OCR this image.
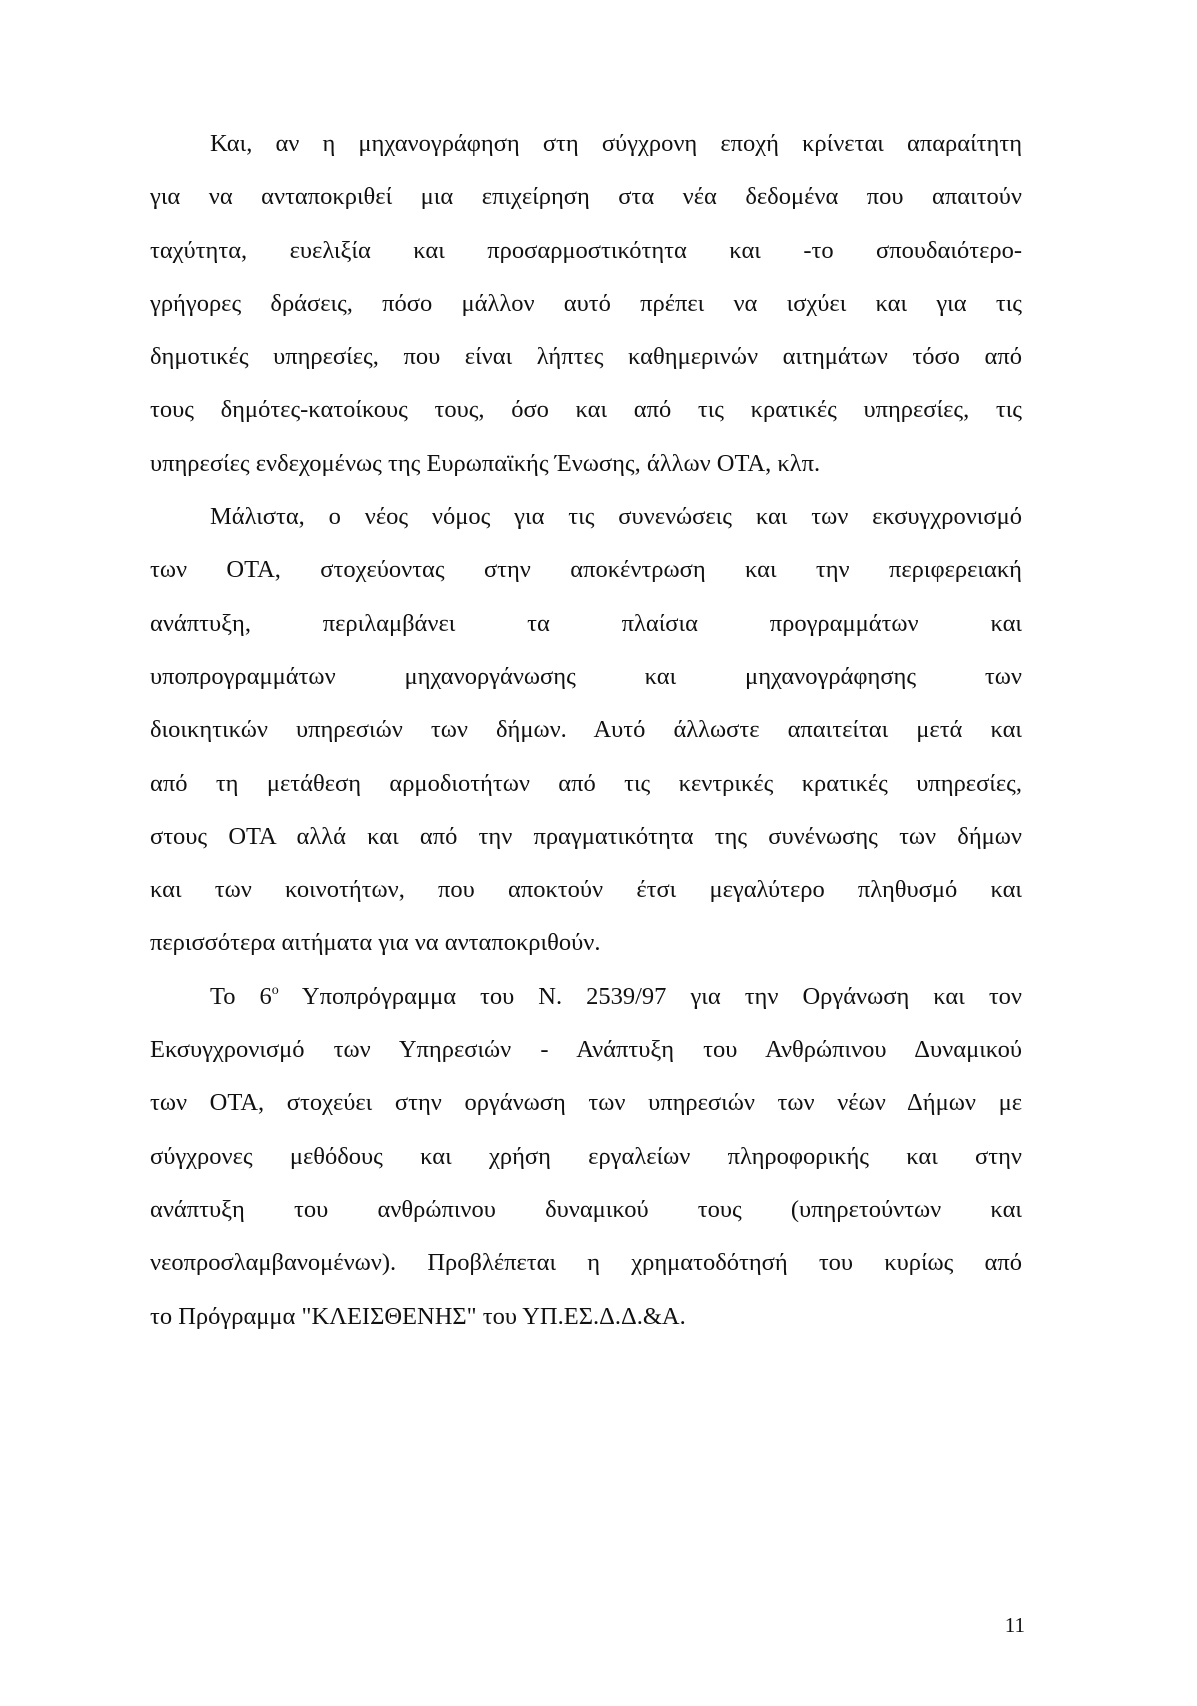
Και, αν η μηχανογράφηση στη σύγχρονη εποχή κρίνεται απαραίτητη
για να ανταποκριθεί μια επιχείρηση στα νέα δεδομένα που απαιτούν
ταχύτητα, ευελιξία και προσαρμοστικότητα και -το σπουδαιότερο-
γρήγορες δράσεις, πόσο μάλλον αυτό πρέπει να ισχύει και για τις
δημοτικές υπηρεσίες, που είναι λήπτες καθημερινών αιτημάτων τόσο από
τους δημότες-κατοίκους τους, όσο και από τις κρατικές υπηρεσίες, τις
υπηρεσίες ενδεχομένως της Ευρωπαϊκής Ένωσης, άλλων ΟΤΑ, κλπ.
Μάλιστα, ο νέος νόμος για τις συνενώσεις και των εκσυγχρονισμό
των ΟΤΑ, στοχεύοντας στην αποκέντρωση και την περιφερειακή
ανάπτυξη, περιλαμβάνει τα πλαίσια προγραμμάτων και
υποπρογραμμάτων μηχανοργάνωσης και μηχανογράφησης των
διοικητικών υπηρεσιών των δήμων. Αυτό άλλωστε απαιτείται μετά και
από τη μετάθεση αρμοδιοτήτων από τις κεντρικές κρατικές υπηρεσίες,
στους ΟΤΑ αλλά και από την πραγματικότητα της συνένωσης των δήμων
και των κοινοτήτων, που αποκτούν έτσι μεγαλύτερο πληθυσμό και
περισσότερα αιτήματα για να ανταποκριθούν.
Το $6^o$ Υποπρόγραμμα του Ν. 2539/97 για την Οργάνωση και τον
Εκσυγχρονισμό των Υπηρεσιών - Ανάπτυξη του Ανθρώπινου Δυναμικού
των ΟΤΑ, στοχεύει στην οργάνωση των υπηρεσιών των νέων Δήμων με
σύγχρονες μεθόδους και χρήση εργαλείων πληροφορικής και στην
ανάπτυξη του ανθρώπινου δυναμικού τους (υπηρετούντων και
νεοπροσλαμβανομένων). Προβλέπεται η χρηματοδότησή του κυρίως από
το Πρόγραμμα "ΚΛΕΙΣΘΕΝΗΣ" του ΥΠ.ΕΣ.Δ.Δ.&Α.
11
